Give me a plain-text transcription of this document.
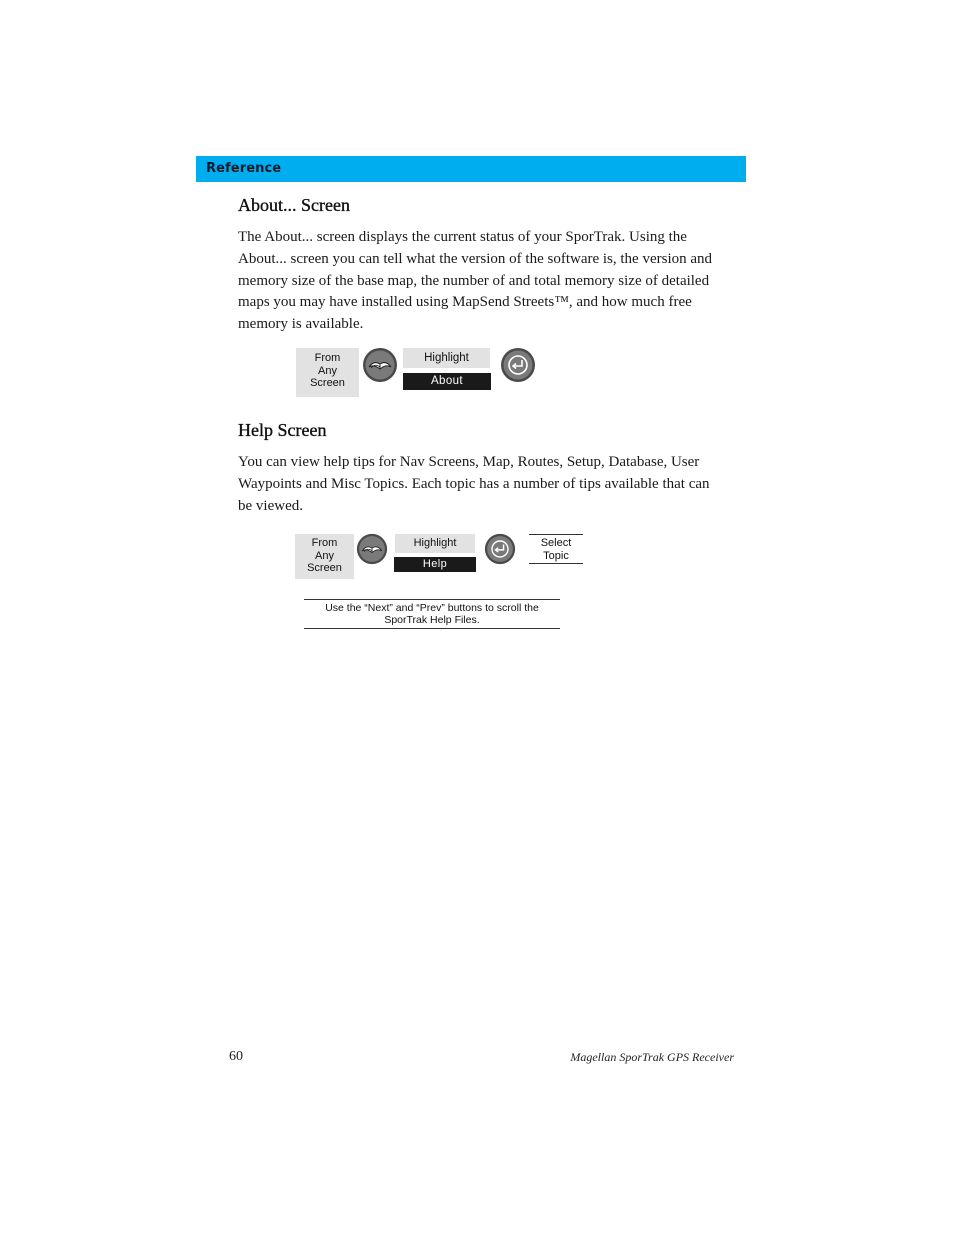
Reference
About... Screen

The About... screen displays the current status of your SporTrak. Using the About... screen you can tell what the version of the software is, the version and memory size of the base map, the number of and total memory size of detailed maps you may have installed using MapSend Streets™, and how much free memory is available.

From
Any
Screen
Highlight
About
Help Screen

You can view help tips for Nav Screens, Map, Routes, Setup, Database, User Waypoints and Misc Topics. Each topic has a number of tips available that can be viewed.

From
Any
Screen
Highlight
Help
Select
Topic
Use the “Next” and “Prev” buttons to scroll the
SporTrak Help Files.
60	Magellan SporTrak GPS Receiver
